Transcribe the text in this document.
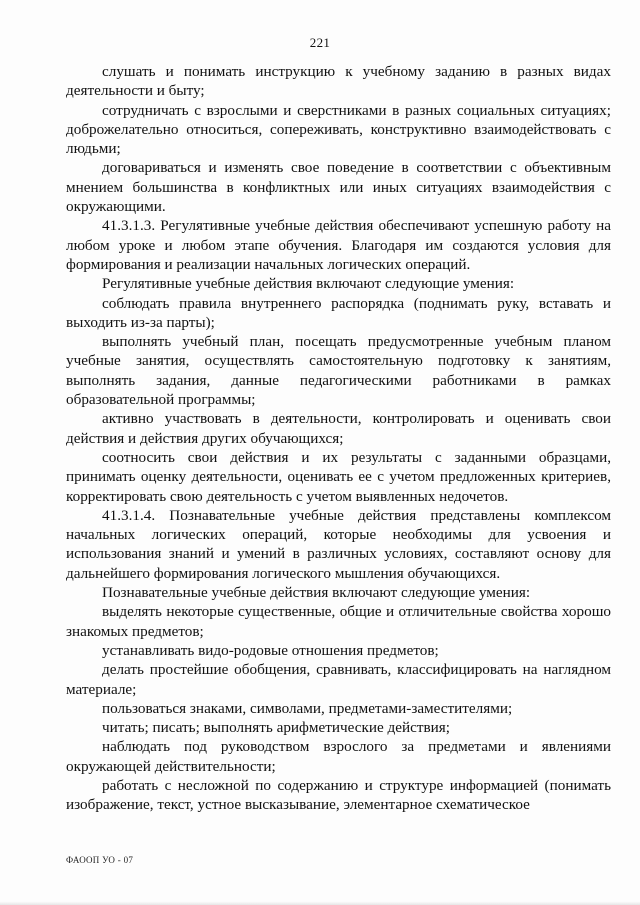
221

слушать и понимать инструкцию к учебному заданию в разных видах деятельности и быту;

сотрудничать с взрослыми и сверстниками в разных социальных ситуациях; доброжелательно относиться, сопереживать, конструктивно взаимодействовать с людьми;

договариваться и изменять свое поведение в соответствии с объективным мнением большинства в конфликтных или иных ситуациях взаимодействия с окружающими.

41.3.1.3. Регулятивные учебные действия обеспечивают успешную работу на любом уроке и любом этапе обучения. Благодаря им создаются условия для формирования и реализации начальных логических операций.

Регулятивные учебные действия включают следующие умения:

соблюдать правила внутреннего распорядка (поднимать руку, вставать и выходить из-за парты);

выполнять учебный план, посещать предусмотренные учебным планом учебные занятия, осуществлять самостоятельную подготовку к занятиям, выполнять задания, данные педагогическими работниками в рамках образовательной программы;

активно участвовать в деятельности, контролировать и оценивать свои действия и действия других обучающихся;

соотносить свои действия и их результаты с заданными образцами, принимать оценку деятельности, оценивать ее с учетом предложенных критериев, корректировать свою деятельность с учетом выявленных недочетов.

41.3.1.4. Познавательные учебные действия представлены комплексом начальных логических операций, которые необходимы для усвоения и использования знаний и умений в различных условиях, составляют основу для дальнейшего формирования логического мышления обучающихся.

Познавательные учебные действия включают следующие умения:

выделять некоторые существенные, общие и отличительные свойства хорошо знакомых предметов;

устанавливать видо-родовые отношения предметов;

делать простейшие обобщения, сравнивать, классифицировать на наглядном материале;

пользоваться знаками, символами, предметами-заместителями;

читать; писать; выполнять арифметические действия;

наблюдать под руководством взрослого за предметами и явлениями окружающей действительности;

работать с несложной по содержанию и структуре информацией (понимать изображение, текст, устное высказывание, элементарное схематическое

ФАООП УО - 07
